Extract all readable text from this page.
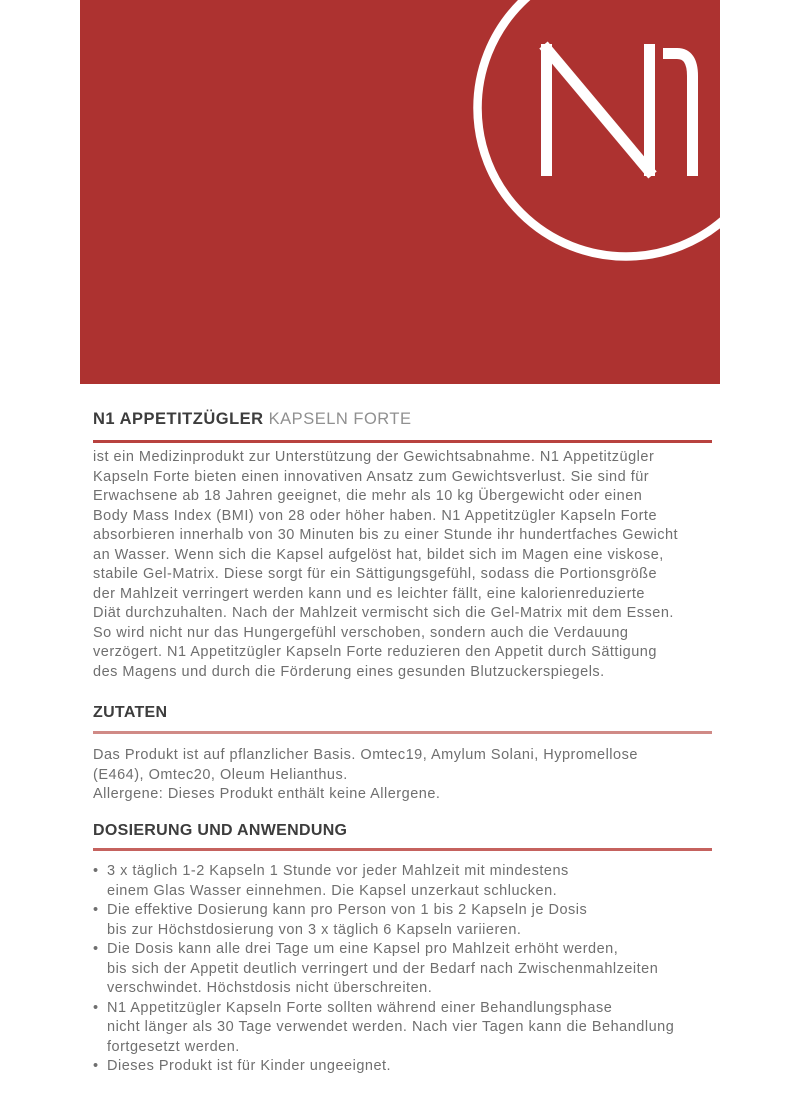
N1 APPETITZÜGLER KAPSELN FORTE
ist ein Medizinprodukt zur Unterstützung der Gewichtsabnahme. N1 Appetitzügler
Kapseln Forte bieten einen innovativen Ansatz zum Gewichtsverlust. Sie sind für
Erwachsene ab 18 Jahren geeignet, die mehr als 10 kg Übergewicht oder einen
Body Mass Index (BMI) von 28 oder höher haben. N1 Appetitzügler Kapseln Forte
absorbieren innerhalb von 30 Minuten bis zu einer Stunde ihr hundertfaches Gewicht
an Wasser. Wenn sich die Kapsel aufgelöst hat, bildet sich im Magen eine viskose,
stabile Gel-Matrix. Diese sorgt für ein Sättigungsgefühl, sodass die Portionsgröße
der Mahlzeit verringert werden kann und es leichter fällt, eine kalorienreduzierte
Diät durchzuhalten. Nach der Mahlzeit vermischt sich die Gel-Matrix mit dem Essen.
So wird nicht nur das Hungergefühl verschoben, sondern auch die Verdauung
verzögert. N1 Appetitzügler Kapseln Forte reduzieren den Appetit durch Sättigung
des Magens und durch die Förderung eines gesunden Blutzuckerspiegels.
ZUTATEN
Das Produkt ist auf pflanzlicher Basis. Omtec19, Amylum Solani, Hypromellose
(E464), Omtec20, Oleum Helianthus.
Allergene: Dieses Produkt enthält keine Allergene.
DOSIERUNG UND ANWENDUNG
• 3 x täglich 1-2 Kapseln 1 Stunde vor jeder Mahlzeit mit mindestens
einem Glas Wasser einnehmen. Die Kapsel unzerkaut schlucken.
• Die effektive Dosierung kann pro Person von 1 bis 2 Kapseln je Dosis
bis zur Höchstdosierung von 3 x täglich 6 Kapseln variieren.
• Die Dosis kann alle drei Tage um eine Kapsel pro Mahlzeit erhöht werden,
bis sich der Appetit deutlich verringert und der Bedarf nach Zwischenmahlzeiten
verschwindet. Höchstdosis nicht überschreiten.
• N1 Appetitzügler Kapseln Forte sollten während einer Behandlungsphase
nicht länger als 30 Tage verwendet werden. Nach vier Tagen kann die Behandlung
fortgesetzt werden.
• Dieses Produkt ist für Kinder ungeeignet.
